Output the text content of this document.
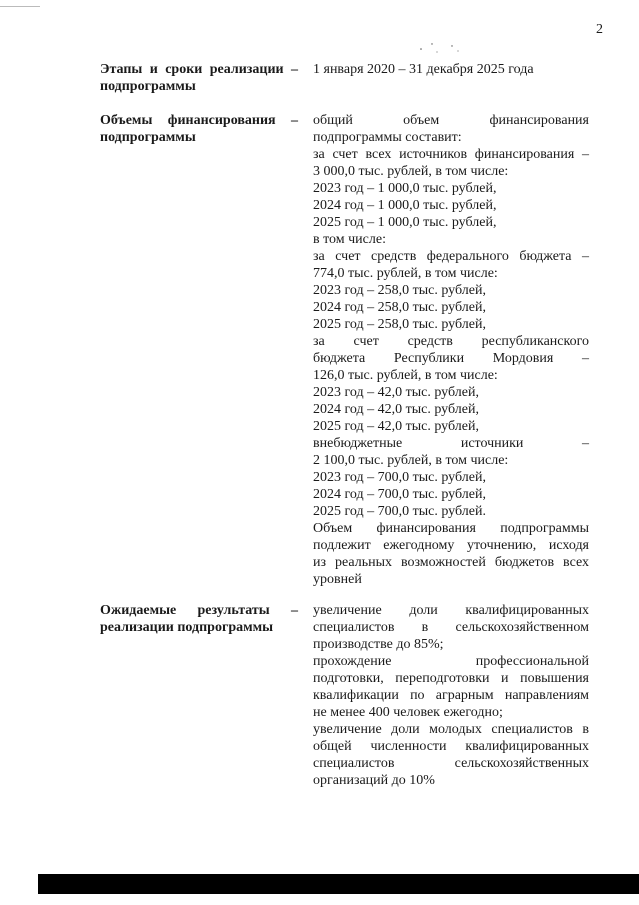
2
Этапы и сроки реализации –
подпрограммы
1 января 2020 – 31 декабря 2025 года
Объемы финансирования –
подпрограммы
общий объем финансирования
подпрограммы составит:
за счет всех источников финансирования –
3 000,0 тыс. рублей, в том числе:
2023 год – 1 000,0 тыс. рублей,
2024 год – 1 000,0 тыс. рублей,
2025 год – 1 000,0 тыс. рублей,
в том числе:
за счет средств федерального бюджета –
774,0 тыс. рублей, в том числе:
2023 год – 258,0 тыс. рублей,
2024 год – 258,0 тыс. рублей,
2025 год – 258,0 тыс. рублей,
за счет средств республиканского
бюджета Республики Мордовия –
126,0 тыс. рублей, в том числе:
2023 год – 42,0 тыс. рублей,
2024 год – 42,0 тыс. рублей,
2025 год – 42,0 тыс. рублей,
внебюджетные источники –
2 100,0 тыс. рублей, в том числе:
2023 год – 700,0 тыс. рублей,
2024 год – 700,0 тыс. рублей,
2025 год – 700,0 тыс. рублей.
Объем финансирования подпрограммы
подлежит ежегодному уточнению, исходя
из реальных возможностей бюджетов всех
уровней
Ожидаемые результаты –
реализации подпрограммы
увеличение доли квалифицированных
специалистов в сельскохозяйственном
производстве до 85%;
прохождение профессиональной
подготовки, переподготовки и повышения
квалификации по аграрным направлениям
не менее 400 человек ежегодно;
увеличение доли молодых специалистов в
общей численности квалифицированных
специалистов сельскохозяйственных
организаций до 10%
